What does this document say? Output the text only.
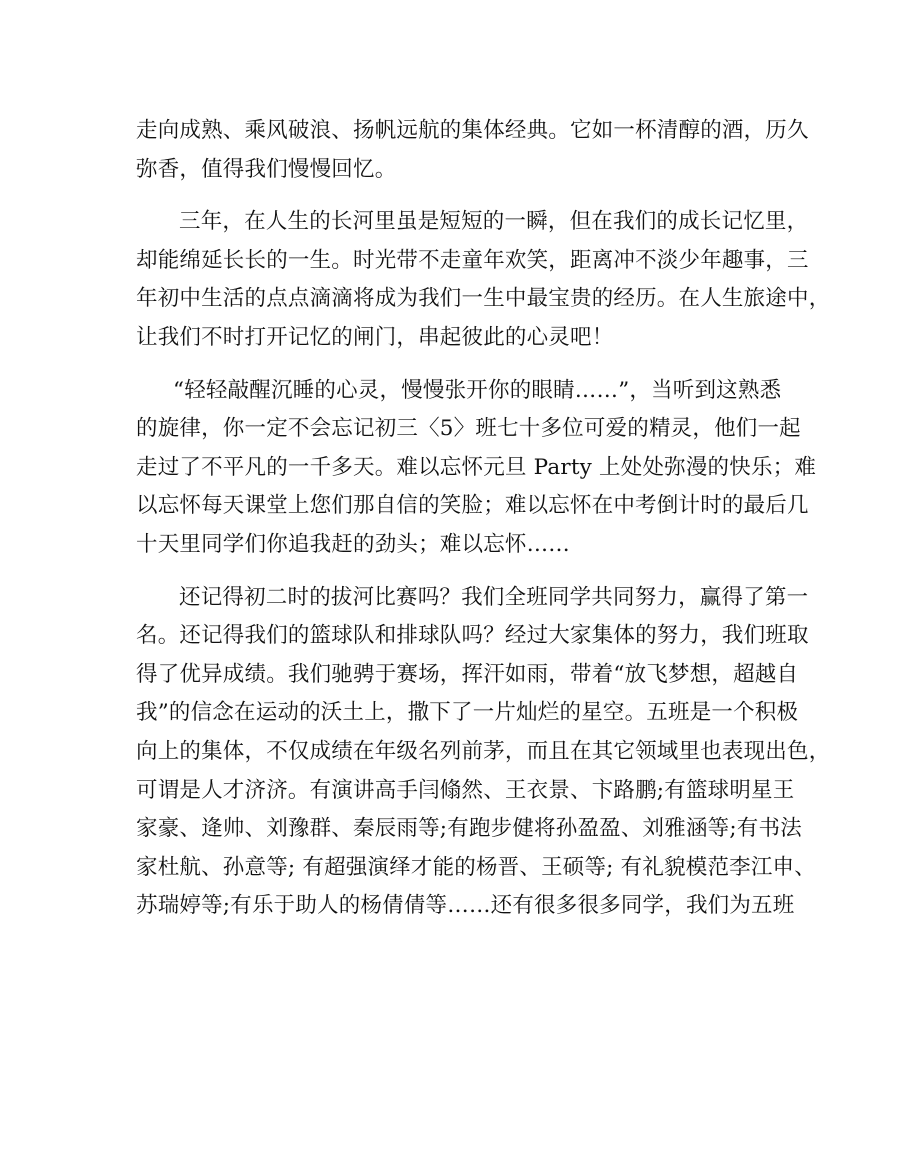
走向成熟、乘风破浪、扬帆远航的集体经典。它如一杯清醇的酒，历久
弥香，值得我们慢慢回忆。
三年，在人生的长河里虽是短短的一瞬，但在我们的成长记忆里，
却能绵延长长的一生。时光带不走童年欢笑，距离冲不淡少年趣事，三
年初中生活的点点滴滴将成为我们一生中最宝贵的经历。在人生旅途中，
让我们不时打开记忆的闸门，串起彼此的心灵吧！
“轻轻敲醒沉睡的心灵，慢慢张开你的眼睛……”，当听到这熟悉
的旋律，你一定不会忘记初三〈5〉班七十多位可爱的精灵，他们一起
走过了不平凡的一千多天。难以忘怀元旦 Party 上处处弥漫的快乐；难
以忘怀每天课堂上您们那自信的笑脸；难以忘怀在中考倒计时的最后几
十天里同学们你追我赶的劲头；难以忘怀……
还记得初二时的拔河比赛吗？我们全班同学共同努力，赢得了第一
名。还记得我们的篮球队和排球队吗？经过大家集体的努力，我们班取
得了优异成绩。我们驰骋于赛场，挥汗如雨，带着“放飞梦想，超越自
我”的信念在运动的沃土上，撒下了一片灿烂的星空。五班是一个积极
向上的集体，不仅成绩在年级名列前茅，而且在其它领域里也表现出色，
可谓是人才济济。有演讲高手闫翛然、王衣景、卞路鹏;有篮球明星王
家豪、逄帅、刘豫群、秦辰雨等;有跑步健将孙盈盈、刘雅涵等;有书法
家杜航、孙意等; 有超强演绎才能的杨晋、王硕等; 有礼貌模范李江申、
苏瑞婷等;有乐于助人的杨倩倩等……还有很多很多同学，我们为五班
